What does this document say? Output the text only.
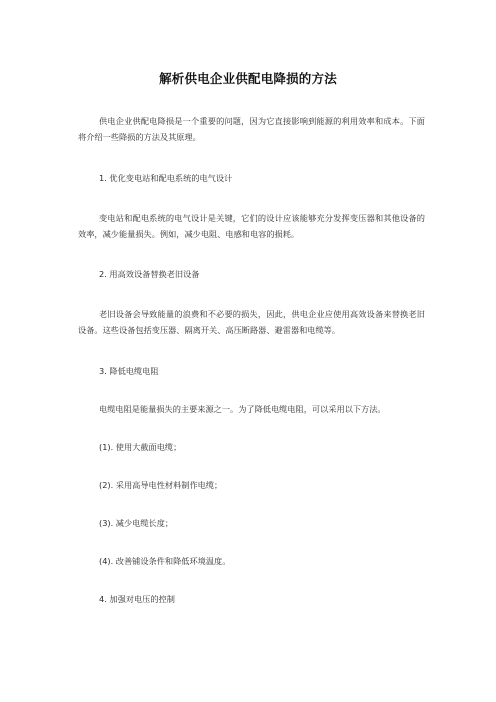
解析供电企业供配电降损的方法

供电企业供配电降损是一个重要的问题，因为它直接影响到能源的利用效率和成本。下面将介绍一些降损的方法及其原理。

1. 优化变电站和配电系统的电气设计

变电站和配电系统的电气设计是关键，它们的设计应该能够充分发挥变压器和其他设备的效率，减少能量损失。例如，减少电阻、电感和电容的损耗。

2. 用高效设备替换老旧设备

老旧设备会导致能量的浪费和不必要的损失，因此，供电企业应使用高效设备来替换老旧设备。这些设备包括变压器、隔离开关、高压断路器、避雷器和电缆等。

3. 降低电缆电阻

电缆电阻是能量损失的主要来源之一。为了降低电缆电阻，可以采用以下方法。

(1). 使用大截面电缆；

(2). 采用高导电性材料制作电缆；

(3). 减少电缆长度；

(4). 改善铺设条件和降低环境温度。

4. 加强对电压的控制
